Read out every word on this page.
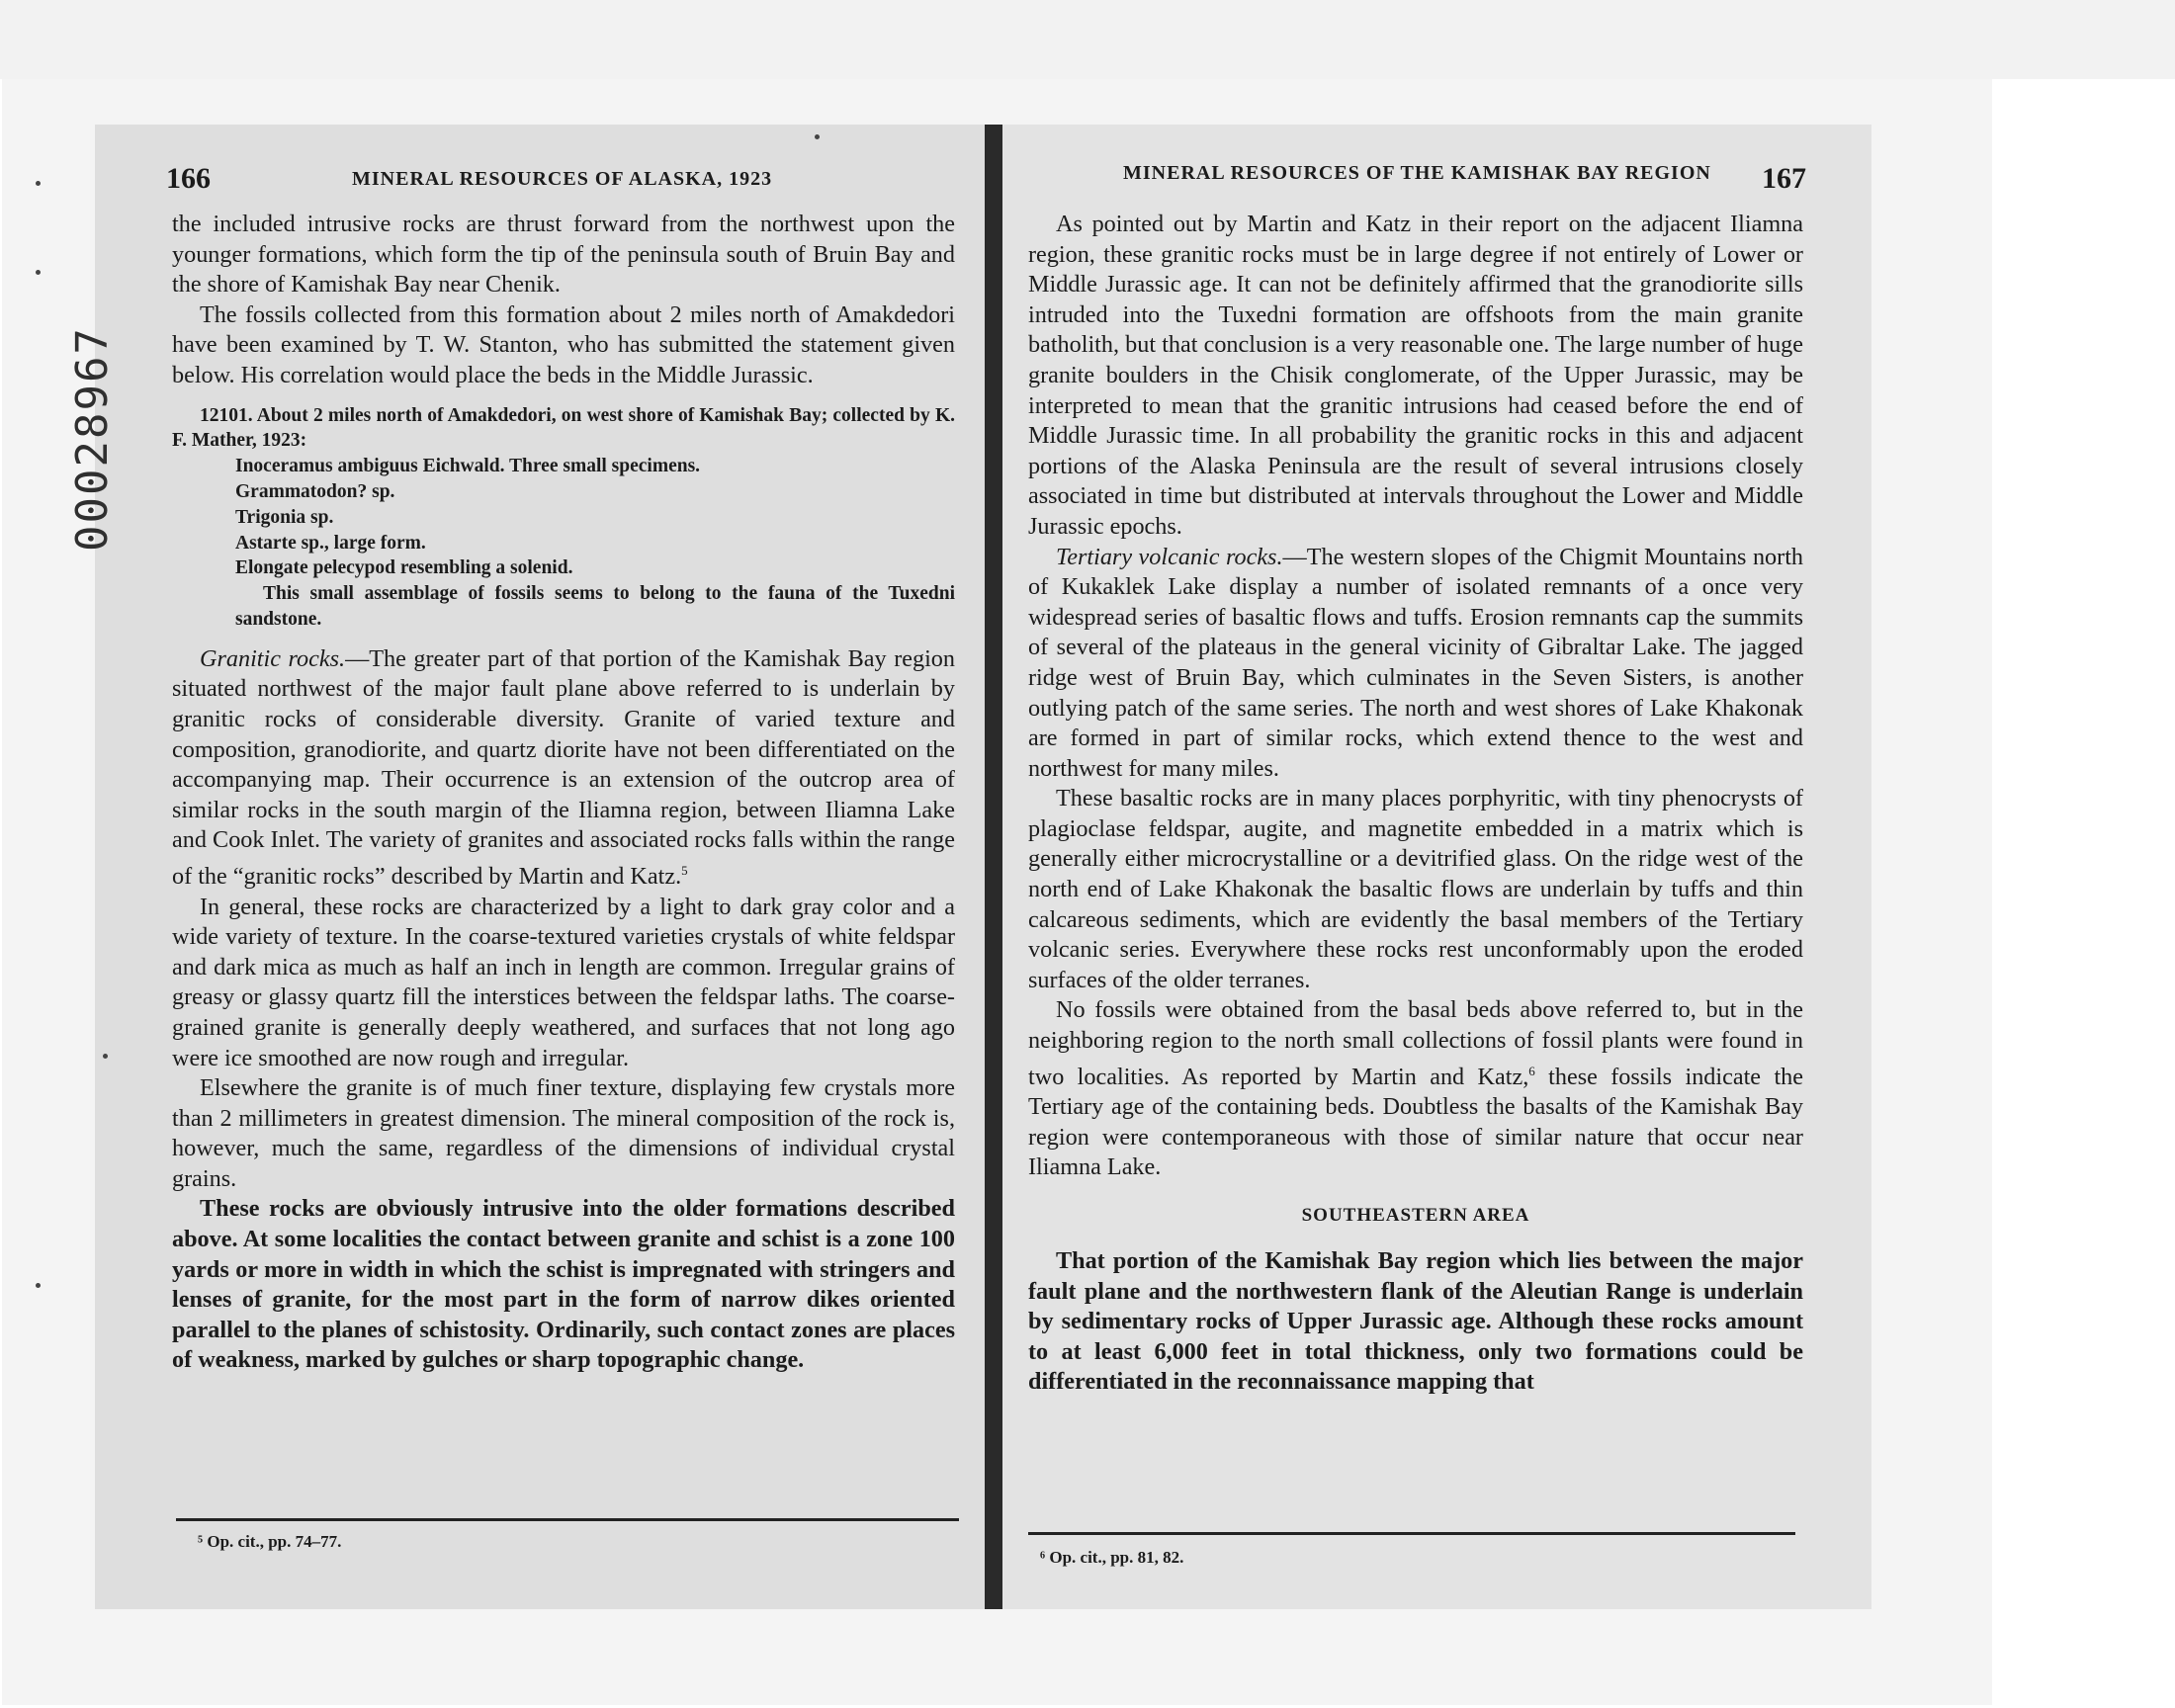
00028967
166	MINERAL RESOURCES OF ALASKA, 1923

the included intrusive rocks are thrust forward from the northwest upon the younger formations, which form the tip of the peninsula south of Bruin Bay and the shore of Kamishak Bay near Chenik.

The fossils collected from this formation about 2 miles north of Amakdedori have been examined by T. W. Stanton, who has submitted the statement given below. His correlation would place the beds in the Middle Jurassic.

12101. About 2 miles north of Amakdedori, on west shore of Kamishak Bay; collected by K. F. Mather, 1923:

Inoceramus ambiguus Eichwald. Three small specimens.

Grammatodon? sp.

Trigonia sp.

Astarte sp., large form.

Elongate pelecypod resembling a solenid.

This small assemblage of fossils seems to belong to the fauna of the Tuxedni sandstone.

Granitic rocks.—The greater part of that portion of the Kamishak Bay region situated northwest of the major fault plane above referred to is underlain by granitic rocks of considerable diversity. Granite of varied texture and composition, granodiorite, and quartz diorite have not been differentiated on the accompanying map. Their occurrence is an extension of the outcrop area of similar rocks in the south margin of the Iliamna region, between Iliamna Lake and Cook Inlet. The variety of granites and associated rocks falls within the range of the “granitic rocks” described by Martin and Katz.$^5$

In general, these rocks are characterized by a light to dark gray color and a wide variety of texture. In the coarse-textured varieties crystals of white feldspar and dark mica as much as half an inch in length are common. Irregular grains of greasy or glassy quartz fill the interstices between the feldspar laths. The coarse-grained granite is generally deeply weathered, and surfaces that not long ago were ice smoothed are now rough and irregular.

Elsewhere the granite is of much finer texture, displaying few crystals more than 2 millimeters in greatest dimension. The mineral composition of the rock is, however, much the same, regardless of the dimensions of individual crystal grains.

These rocks are obviously intrusive into the older formations described above. At some localities the contact between granite and schist is a zone 100 yards or more in width in which the schist is impregnated with stringers and lenses of granite, for the most part in the form of narrow dikes oriented parallel to the planes of schistosity. Ordinarily, such contact zones are places of weakness, marked by gulches or sharp topographic change.

⁵ Op. cit., pp. 74–77.
MINERAL RESOURCES OF THE KAMISHAK BAY REGION 167

As pointed out by Martin and Katz in their report on the adjacent Iliamna region, these granitic rocks must be in large degree if not entirely of Lower or Middle Jurassic age. It can not be definitely affirmed that the granodiorite sills intruded into the Tuxedni formation are offshoots from the main granite batholith, but that conclusion is a very reasonable one. The large number of huge granite boulders in the Chisik conglomerate, of the Upper Jurassic, may be interpreted to mean that the granitic intrusions had ceased before the end of Middle Jurassic time. In all probability the granitic rocks in this and adjacent portions of the Alaska Peninsula are the result of several intrusions closely associated in time but distributed at intervals throughout the Lower and Middle Jurassic epochs.

Tertiary volcanic rocks.—The western slopes of the Chigmit Mountains north of Kukaklek Lake display a number of isolated remnants of a once very widespread series of basaltic flows and tuffs. Erosion remnants cap the summits of several of the plateaus in the general vicinity of Gibraltar Lake. The jagged ridge west of Bruin Bay, which culminates in the Seven Sisters, is another outlying patch of the same series. The north and west shores of Lake Khakonak are formed in part of similar rocks, which extend thence to the west and northwest for many miles.

These basaltic rocks are in many places porphyritic, with tiny phenocrysts of plagioclase feldspar, augite, and magnetite embedded in a matrix which is generally either microcrystalline or a devitrified glass. On the ridge west of the north end of Lake Khakonak the basaltic flows are underlain by tuffs and thin calcareous sediments, which are evidently the basal members of the Tertiary volcanic series. Everywhere these rocks rest unconformably upon the eroded surfaces of the older terranes.

No fossils were obtained from the basal beds above referred to, but in the neighboring region to the north small collections of fossil plants were found in two localities. As reported by Martin and Katz,$^6$ these fossils indicate the Tertiary age of the containing beds. Doubtless the basalts of the Kamishak Bay region were contemporaneous with those of similar nature that occur near Iliamna Lake.

SOUTHEASTERN AREA

That portion of the Kamishak Bay region which lies between the major fault plane and the northwestern flank of the Aleutian Range is underlain by sedimentary rocks of Upper Jurassic age. Although these rocks amount to at least 6,000 feet in total thickness, only two formations could be differentiated in the reconnaissance mapping that

⁶ Op. cit., pp. 81, 82.
